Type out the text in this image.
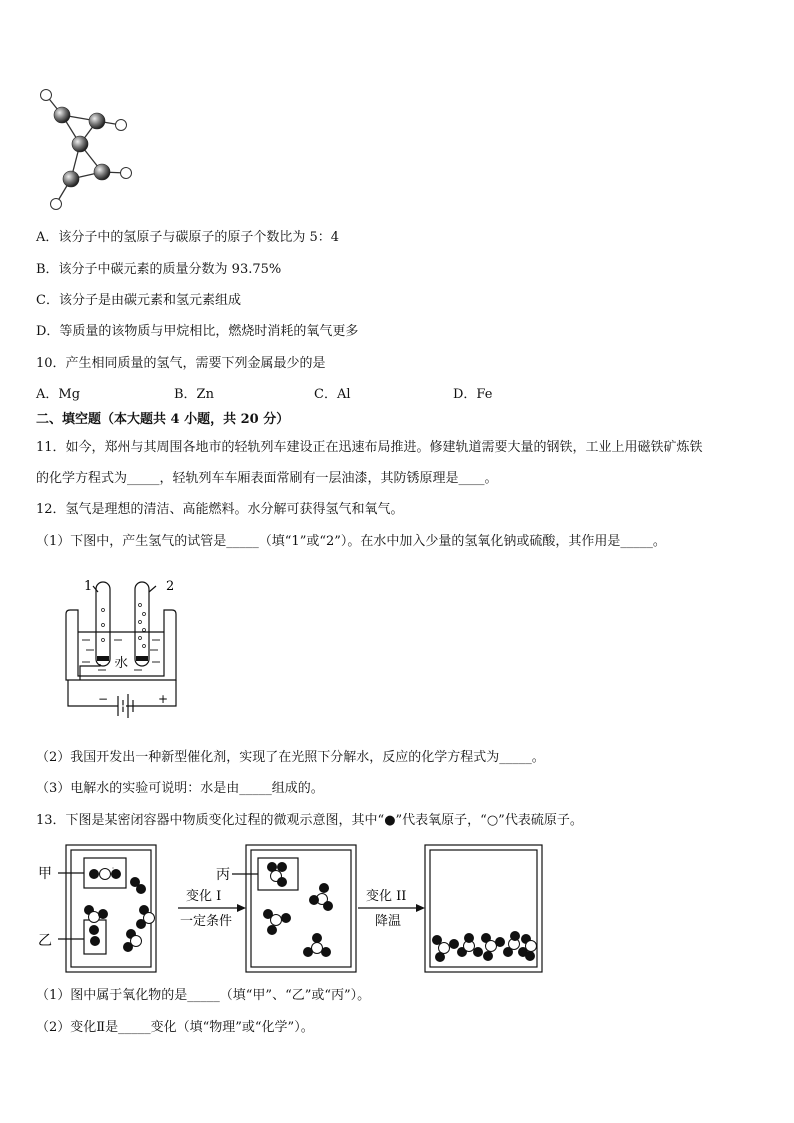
A．该分子中的氢原子与碳原子的原子个数比为 5：4
B．该分子中碳元素的质量分数为 93.75%
C．该分子是由碳元素和氢元素组成
D．等质量的该物质与甲烷相比，燃烧时消耗的氧气更多
10．产生相同质量的氢气，需要下列金属最少的是
A．Mg	B．Zn	C．Al	D．Fe
二、填空题（本大题共 4 小题，共 20 分）
11．如今，郑州与其周围各地市的轻轨列车建设正在迅速布局推进。修建轨道需要大量的钢铁，工业上用磁铁矿炼铁
的化学方程式为_____，轻轨列车车厢表面常刷有一层油漆，其防锈原理是____。
12．氢气是理想的清洁、高能燃料。水分解可获得氢气和氧气。
（1）下图中，产生氢气的试管是_____（填“1”或“2”）。在水中加入少量的氢氧化钠或硫酸，其作用是_____。
1	2
水
−	+
（2）我国开发出一种新型催化剂，实现了在光照下分解水，反应的化学方程式为_____。
（3）电解水的实验可说明：水是由_____组成的。
13．下图是某密闭容器中物质变化过程的微观示意图，其中“●”代表氧原子，“○”代表硫原子。
甲
乙
丙
变化 I
一定条件
变化 II
降温
（1）图中属于氧化物的是_____（填“甲”、“乙”或“丙”）。
（2）变化Ⅱ是_____变化（填“物理”或“化学”）。
